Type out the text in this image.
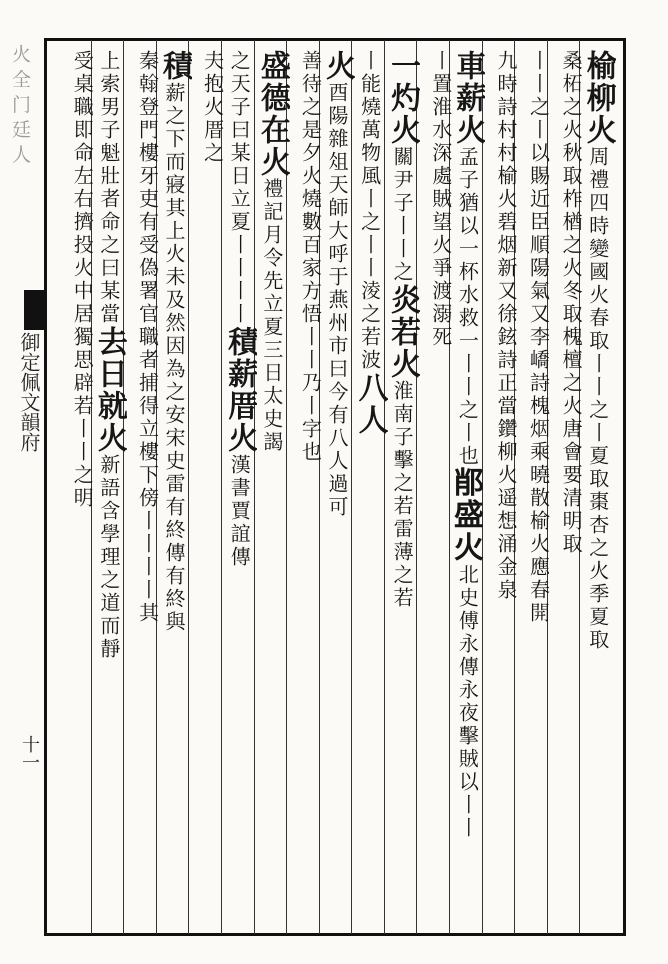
火 全 门 廷 人
御定佩文韻府
十一
榆柳火周禮四時變國火春取丨丨之丨夏取棗杏之火季夏取
桑柘之火秋取柞楢之火冬取槐檀之火唐會要清明取
丨丨之丨以賜近臣順陽氣又李嶠詩槐烟乘曉散榆火應春開
九時詩村村榆火碧烟新又徐鉉詩正當鑽柳火遥想涌金泉
車薪火孟子猶以一杯水救一丨丨之丨也𨛍盛火北史傅永傳永夜擊賊以丨丨
丨置淮水深處賊望火爭渡溺死
一灼火關尹子丨丨之炎若火淮南子擊之若雷薄之若
丨能燒萬物風丨之丨丨淩之若波八人
火酉陽雜俎天師大呼于燕州市曰今有八人過可
善待之是夕火燒數百家方悟丨丨乃丨字也
盛德在火禮記月令先立夏三日太史謁
之天子曰某日立夏丨丨丨丨積薪厝火漢書賈誼傳
夫抱火厝之
積薪之下而寢其上火未及然因為之安宋史雷有終傳有終與
秦翰登門樓牙吏有受偽署官職者捕得立樓下傍丨丨丨丨其
上索男子魁壯者命之曰某當去日就火新語含學理之道而靜
受桌職即命左右擠投火中居獨思辟若丨丨之明
